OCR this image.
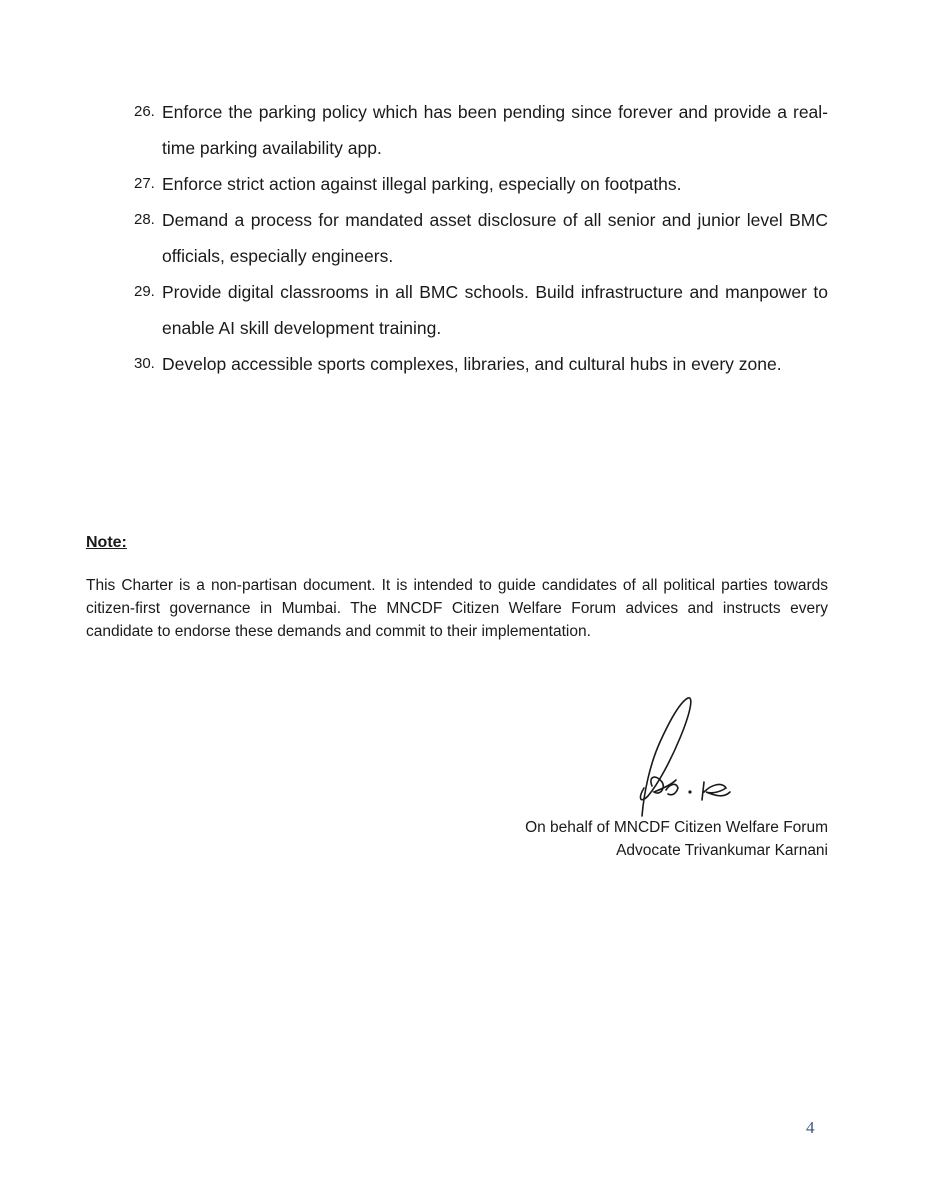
26. Enforce the parking policy which has been pending since forever and provide a real-time parking availability app.
27. Enforce strict action against illegal parking, especially on footpaths.
28. Demand a process for mandated asset disclosure of all senior and junior level BMC officials, especially engineers.
29. Provide digital classrooms in all BMC schools. Build infrastructure and manpower to enable AI skill development training.
30. Develop accessible sports complexes, libraries, and cultural hubs in every zone.

Note:

This Charter is a non-partisan document. It is intended to guide candidates of all political parties towards citizen-first governance in Mumbai. The MNCDF Citizen Welfare Forum advices and instructs every candidate to endorse these demands and commit to their implementation.

On behalf of MNCDF Citizen Welfare Forum
Advocate Trivankumar Karnani
4
